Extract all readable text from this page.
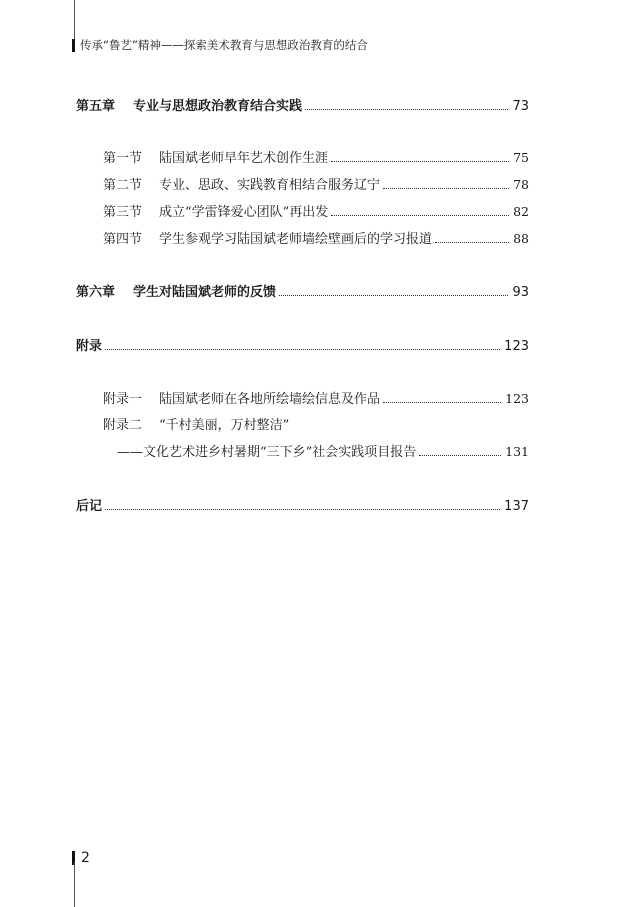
传承“鲁艺”精神——探索美术教育与思想政治教育的结合
第五章 专业与思想政治教育结合实践	73
第一节 陆国斌老师早年艺术创作生涯	75
第二节 专业、思政、实践教育相结合服务辽宁	78
第三节 成立“学雷锋爱心团队”再出发	82
第四节 学生参观学习陆国斌老师墙绘壁画后的学习报道	88
第六章 学生对陆国斌老师的反馈	93
附录	123
附录一 陆国斌老师在各地所绘墙绘信息及作品	123
附录二 “千村美丽，万村整洁”
——文化艺术进乡村暑期“三下乡”社会实践项目报告	131
后记	137
2
